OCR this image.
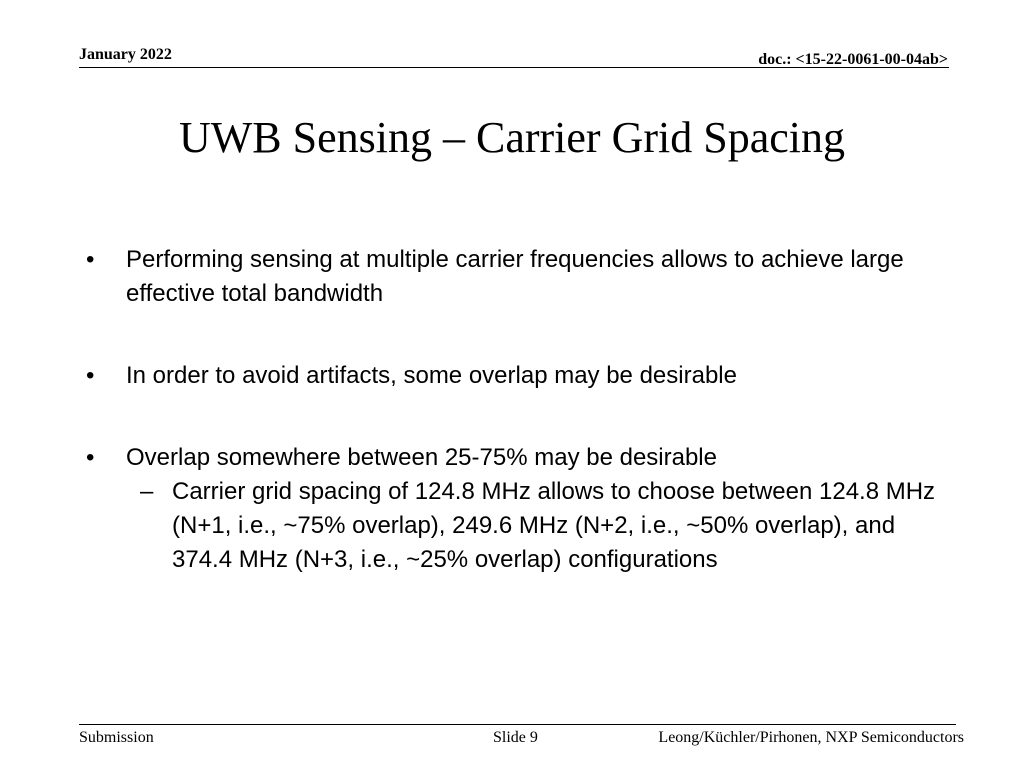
January 2022	doc.: <15-22-0061-00-04ab>
UWB Sensing – Carrier Grid Spacing
• Performing sensing at multiple carrier frequencies allows to achieve large effective total bandwidth
• In order to avoid artifacts, some overlap may be desirable
• Overlap somewhere between 25-75% may be desirable
– Carrier grid spacing of 124.8 MHz allows to choose between 124.8 MHz (N+1, i.e., ~75% overlap), 249.6 MHz (N+2, i.e., ~50% overlap), and 374.4 MHz (N+3, i.e., ~25% overlap) configurations
Submission	Slide 9	Leong/Küchler/Pirhonen, NXP Semiconductors
